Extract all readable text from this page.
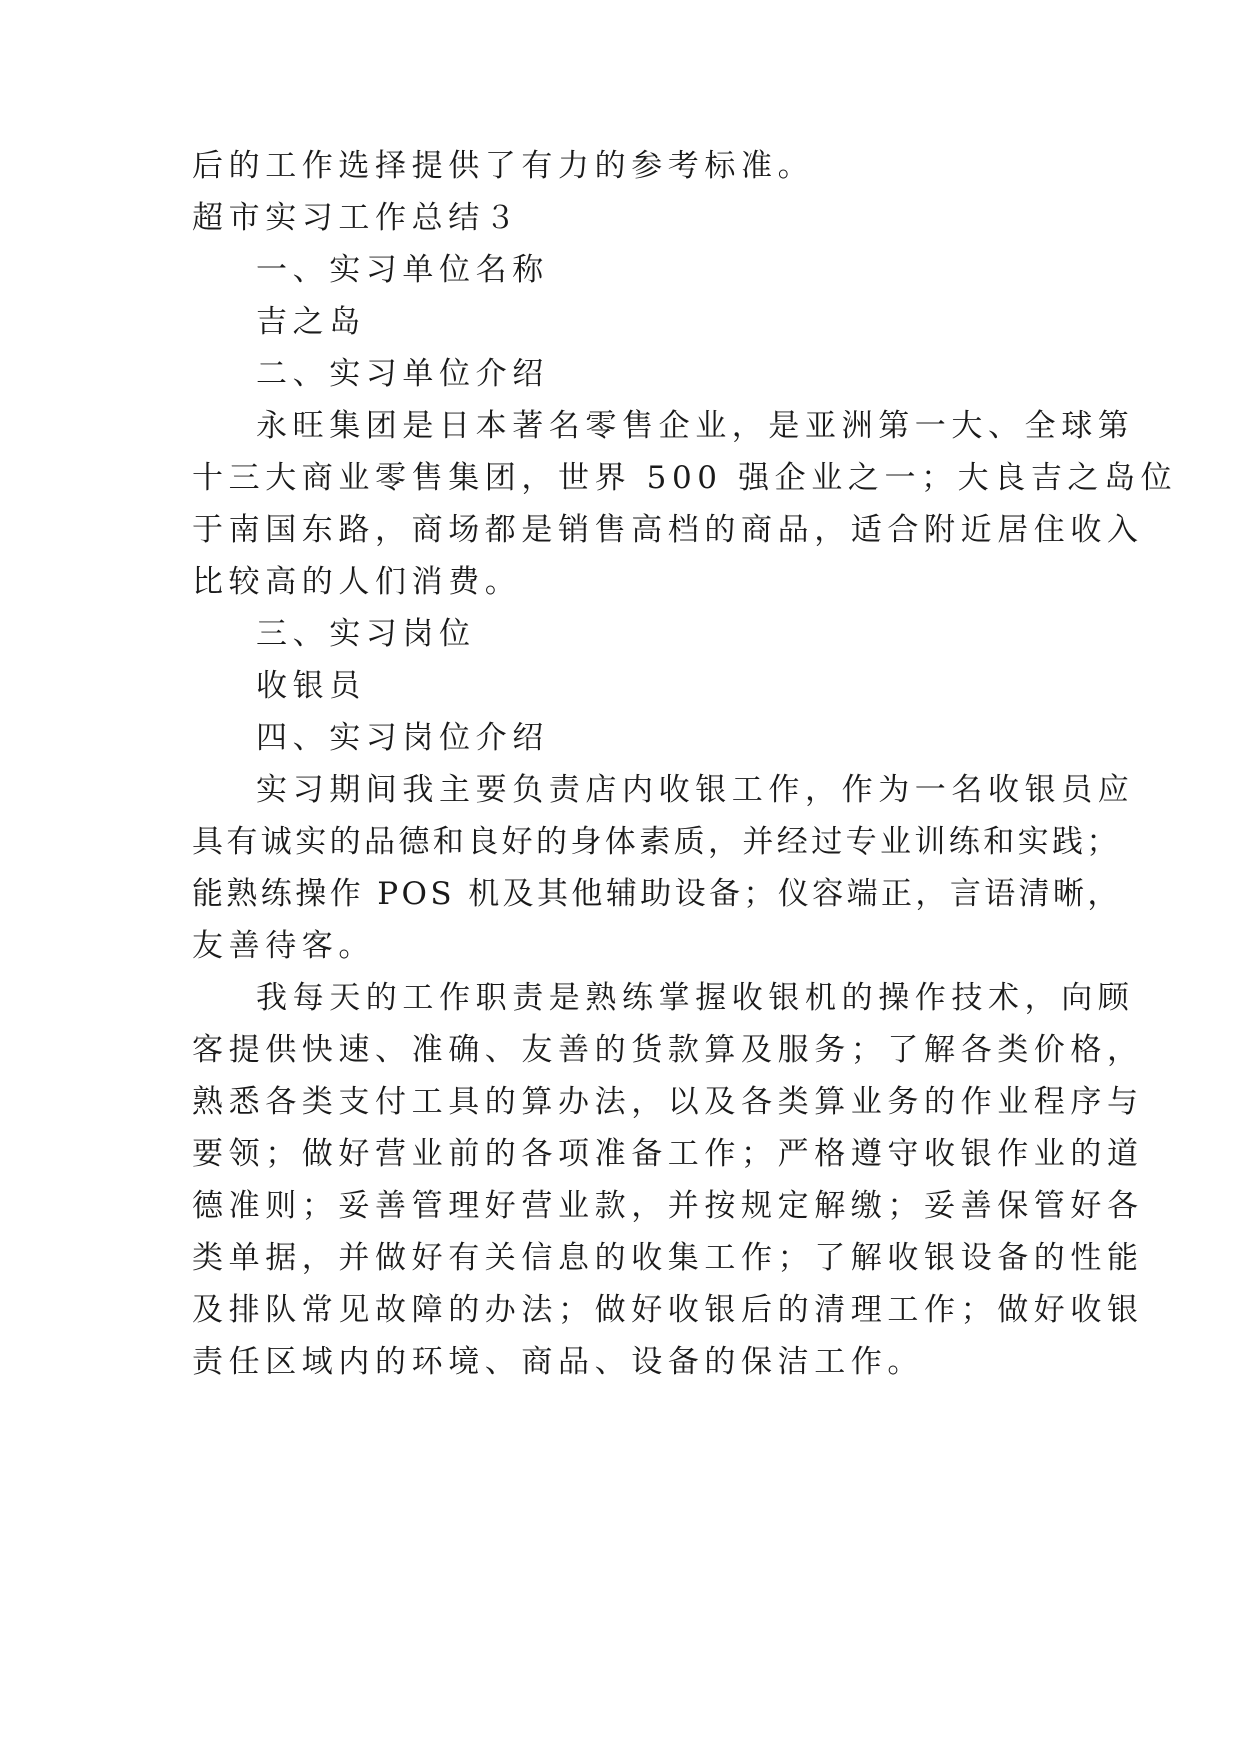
后的工作选择提供了有力的参考标准。
超市实习工作总结３
一、实习单位名称
吉之岛
二、实习单位介绍
永旺集团是日本著名零售企业，是亚洲第一大、全球第
十三大商业零售集团，世界 500 强企业之一；大良吉之岛位
于南国东路，商场都是销售高档的商品，适合附近居住收入
比较高的人们消费。
三、实习岗位
收银员
四、实习岗位介绍
实习期间我主要负责店内收银工作，作为一名收银员应
具有诚实的品德和良好的身体素质，并经过专业训练和实践；
能熟练操作 POS 机及其他辅助设备；仪容端正，言语清晰，
友善待客。
我每天的工作职责是熟练掌握收银机的操作技术，向顾
客提供快速、准确、友善的货款算及服务；了解各类价格，
熟悉各类支付工具的算办法，以及各类算业务的作业程序与
要领；做好营业前的各项准备工作；严格遵守收银作业的道
德准则；妥善管理好营业款，并按规定解缴；妥善保管好各
类单据，并做好有关信息的收集工作；了解收银设备的性能
及排队常见故障的办法；做好收银后的清理工作；做好收银
责任区域内的环境、商品、设备的保洁工作。
